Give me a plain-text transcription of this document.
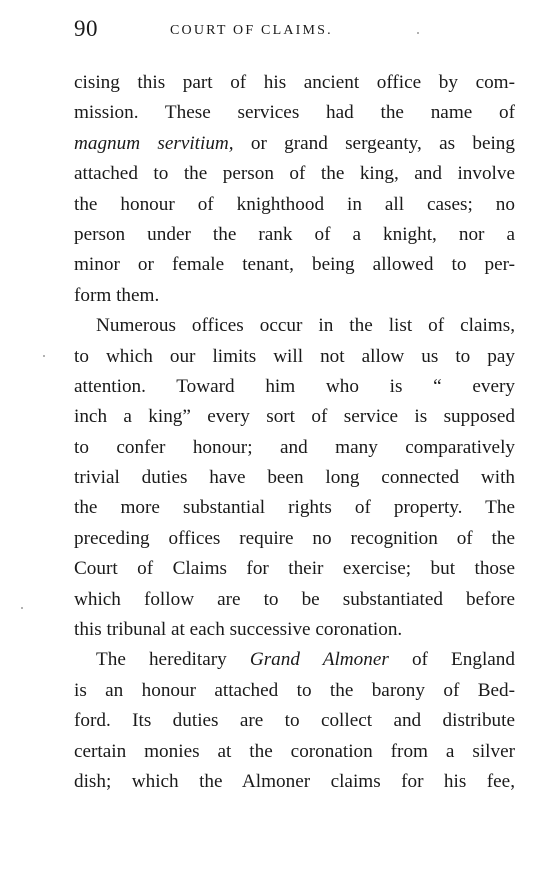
90	COURT OF CLAIMS.
cising this part of his ancient office by com-
mission. These services had the name of
magnum servitium, or grand sergeanty, as being
attached to the person of the king, and involve
the honour of knighthood in all cases; no
person under the rank of a knight, nor a
minor or female tenant, being allowed to per-
form them.
Numerous offices occur in the list of claims,
to which our limits will not allow us to pay
attention. Toward him who is “ every
inch a king” every sort of service is supposed
to confer honour; and many comparatively
trivial duties have been long connected with
the more substantial rights of property. The
preceding offices require no recognition of the
Court of Claims for their exercise; but those
which follow are to be substantiated before
this tribunal at each successive coronation.
The hereditary Grand Almoner of England
is an honour attached to the barony of Bed-
ford. Its duties are to collect and distribute
certain monies at the coronation from a silver
dish; which the Almoner claims for his fee,
